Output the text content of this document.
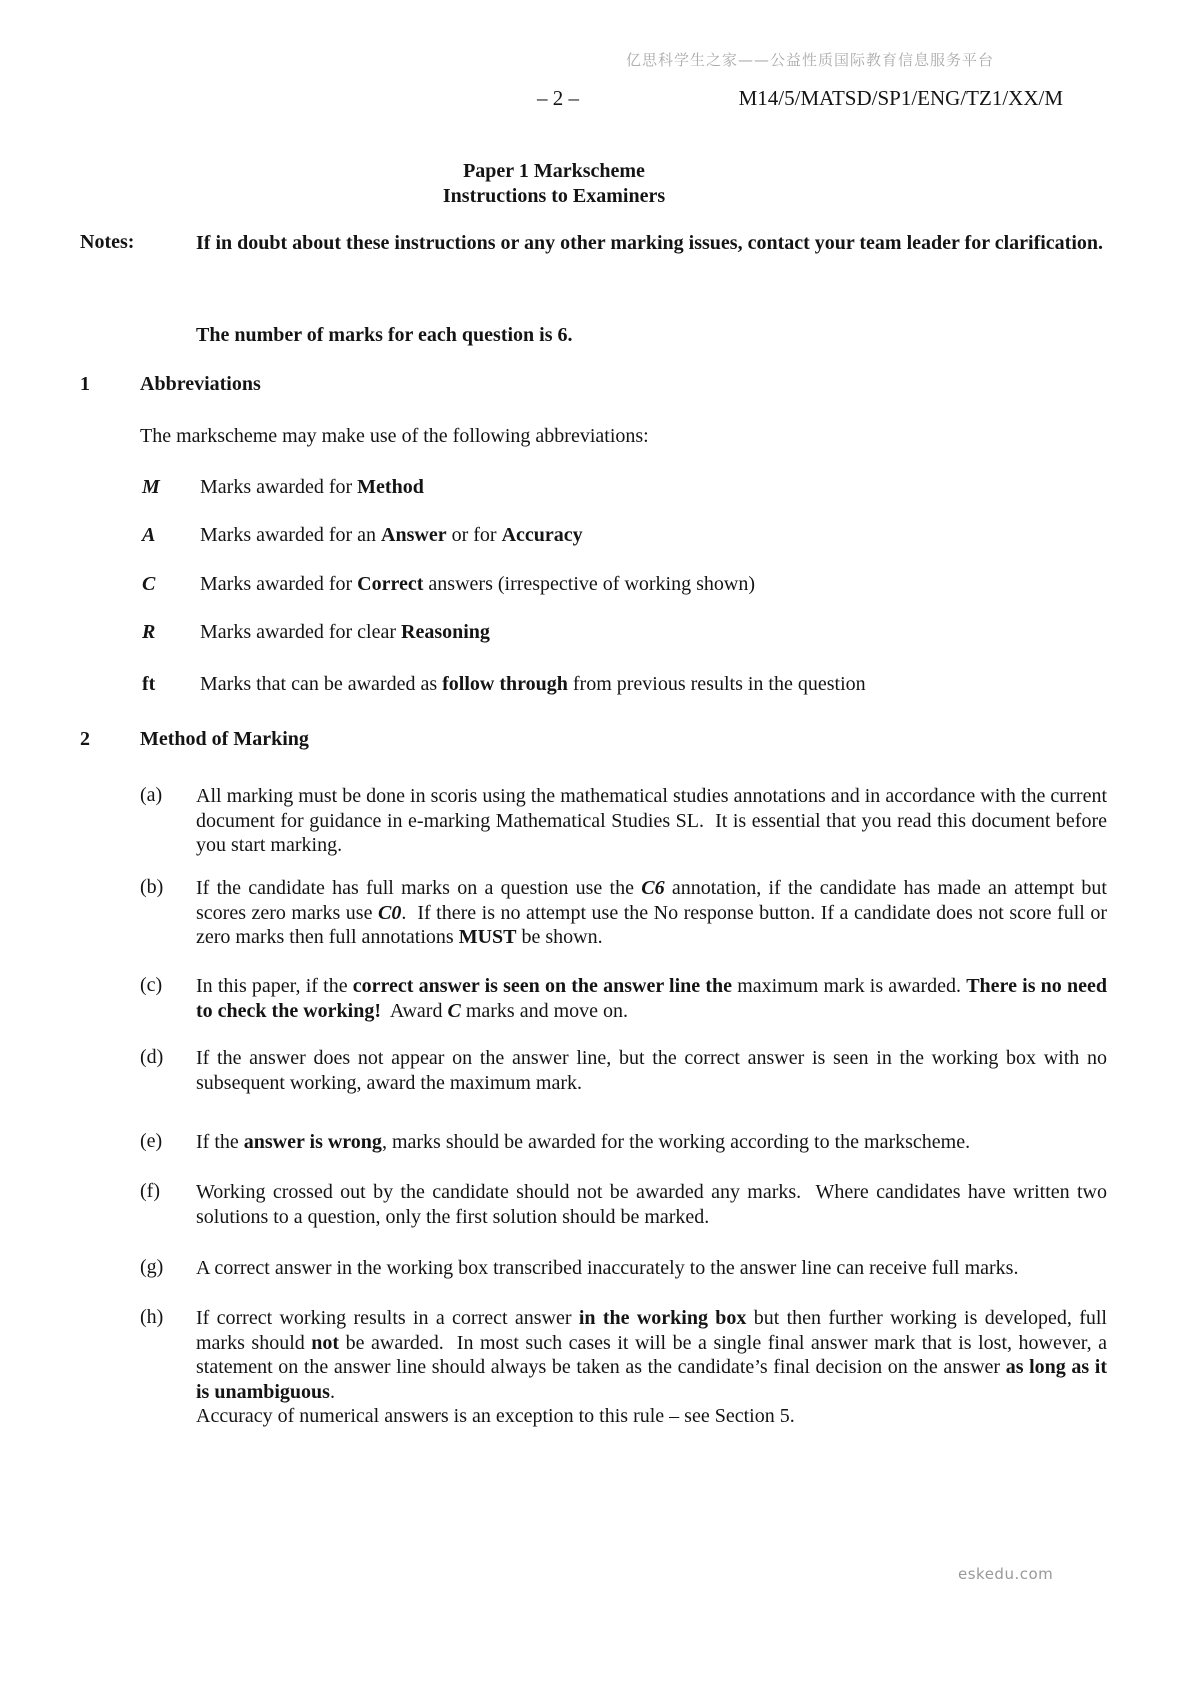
亿思科学生之家——公益性质国际教育信息服务平台
– 2 –	M14/5/MATSD/SP1/ENG/TZ1/XX/M
Paper 1 Markscheme
Instructions to Examiners
Notes:	If in doubt about these instructions or any other marking issues, contact your team leader for clarification.
The number of marks for each question is 6.
1	Abbreviations
The markscheme may make use of the following abbreviations:
M Marks awarded for Method
A Marks awarded for an Answer or for Accuracy
C Marks awarded for Correct answers (irrespective of working shown)
R Marks awarded for clear Reasoning
ft Marks that can be awarded as follow through from previous results in the question
2	Method of Marking
(a) All marking must be done in scoris using the mathematical studies annotations and in accordance with the current document for guidance in e-marking Mathematical Studies SL.  It is essential that you read this document before you start marking.
(b) If the candidate has full marks on a question use the C6 annotation, if the candidate has made an attempt but scores zero marks use C0.  If there is no attempt use the No response button. If a candidate does not score full or zero marks then full annotations MUST be shown.
(c) In this paper, if the correct answer is seen on the answer line the maximum mark is awarded. There is no need to check the working!  Award C marks and move on.
(d) If the answer does not appear on the answer line, but the correct answer is seen in the working box with no subsequent working, award the maximum mark.
(e) If the answer is wrong, marks should be awarded for the working according to the markscheme.
(f) Working crossed out by the candidate should not be awarded any marks.  Where candidates have written two solutions to a question, only the first solution should be marked.
(g) A correct answer in the working box transcribed inaccurately to the answer line can receive full marks.
(h) If correct working results in a correct answer in the working box but then further working is developed, full marks should not be awarded.  In most such cases it will be a single final answer mark that is lost, however, a statement on the answer line should always be taken as the candidate’s final decision on the answer as long as it is unambiguous.
Accuracy of numerical answers is an exception to this rule – see Section 5.
eskedu.com
